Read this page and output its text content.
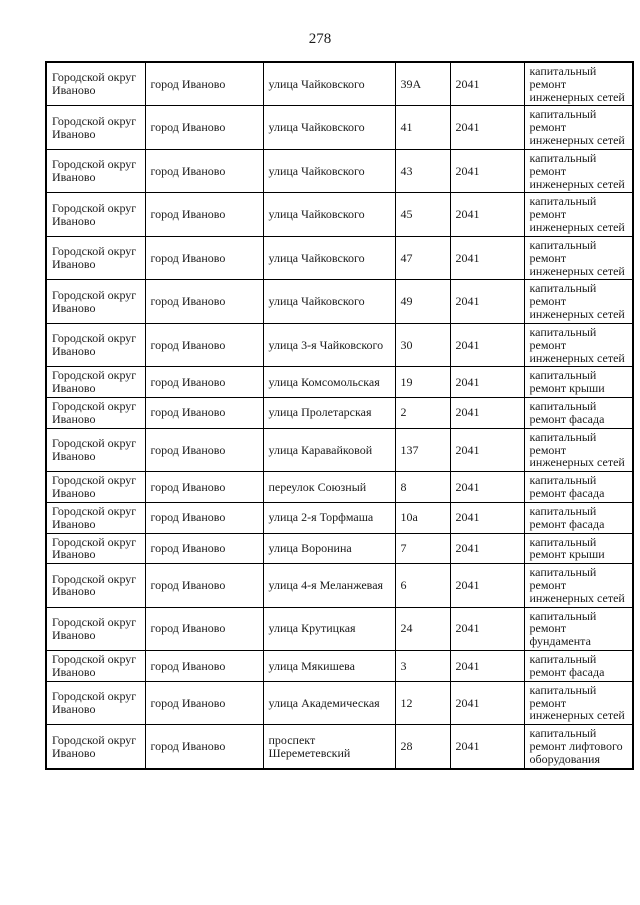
278
Городской округ Иваново	город Иваново	улица Чайковского	39А	2041	капитальный ремонт инженерных сетей
Городской округ Иваново	город Иваново	улица Чайковского	41	2041	капитальный ремонт инженерных сетей
Городской округ Иваново	город Иваново	улица Чайковского	43	2041	капитальный ремонт инженерных сетей
Городской округ Иваново	город Иваново	улица Чайковского	45	2041	капитальный ремонт инженерных сетей
Городской округ Иваново	город Иваново	улица Чайковского	47	2041	капитальный ремонт инженерных сетей
Городской округ Иваново	город Иваново	улица Чайковского	49	2041	капитальный ремонт инженерных сетей
Городской округ Иваново	город Иваново	улица 3-я Чайковского	30	2041	капитальный ремонт инженерных сетей
Городской округ Иваново	город Иваново	улица Комсомольская	19	2041	капитальный ремонт крыши
Городской округ Иваново	город Иваново	улица Пролетарская	2	2041	капитальный ремонт фасада
Городской округ Иваново	город Иваново	улица Каравайковой	137	2041	капитальный ремонт инженерных сетей
Городской округ Иваново	город Иваново	переулок Союзный	8	2041	капитальный ремонт фасада
Городской округ Иваново	город Иваново	улица 2-я Торфмаша	10а	2041	капитальный ремонт фасада
Городской округ Иваново	город Иваново	улица Воронина	7	2041	капитальный ремонт крыши
Городской округ Иваново	город Иваново	улица 4-я Меланжевая	6	2041	капитальный ремонт инженерных сетей
Городской округ Иваново	город Иваново	улица Крутицкая	24	2041	капитальный ремонт фундамента
Городской округ Иваново	город Иваново	улица Мякишева	3	2041	капитальный ремонт фасада
Городской округ Иваново	город Иваново	улица Академическая	12	2041	капитальный ремонт инженерных сетей
Городской округ Иваново	город Иваново	проспект Шереметевский	28	2041	капитальный ремонт лифтового оборудования
